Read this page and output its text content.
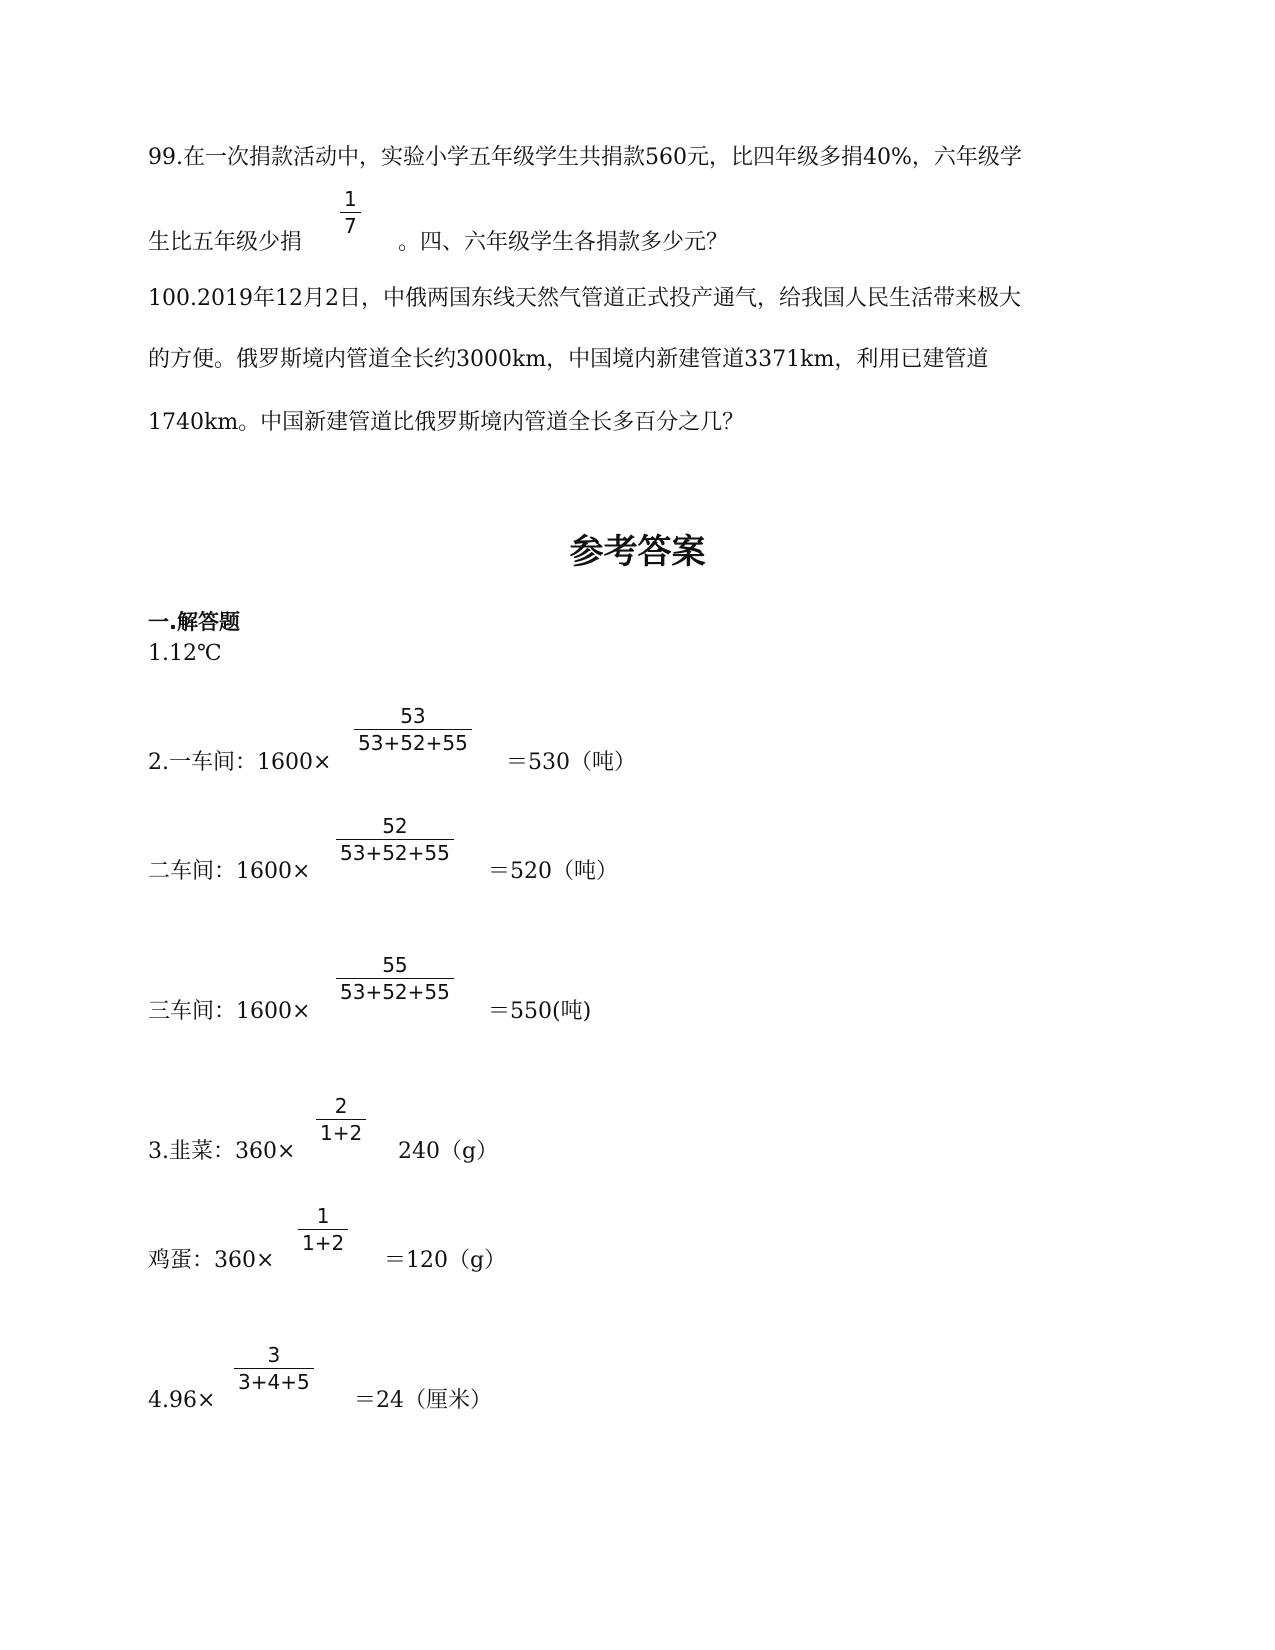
99.在一次捐款活动中，实验小学五年级学生共捐款560元，比四年级多捐40%，六年级学
1
7
生比五年级少捐	。四、六年级学生各捐款多少元？
100.2019年12月2日，中俄两国东线天然气管道正式投产通气，给我国人民生活带来极大
的方便。俄罗斯境内管道全长约3000km，中国境内新建管道3371km，利用已建管道
1740km。中国新建管道比俄罗斯境内管道全长多百分之几？
参考答案
一.解答题
1.12℃
2.一车间：1600×
53
53+52+55
＝530（吨）
二车间：1600×
52
53+52+55
＝520（吨）
三车间：1600×
55
53+52+55
＝550(吨)
3.韭菜：360×
2
1+2
240（g）
鸡蛋：360×
1
1+2
＝120（g）
4.96×
3
3+4+5
＝24（厘米）
